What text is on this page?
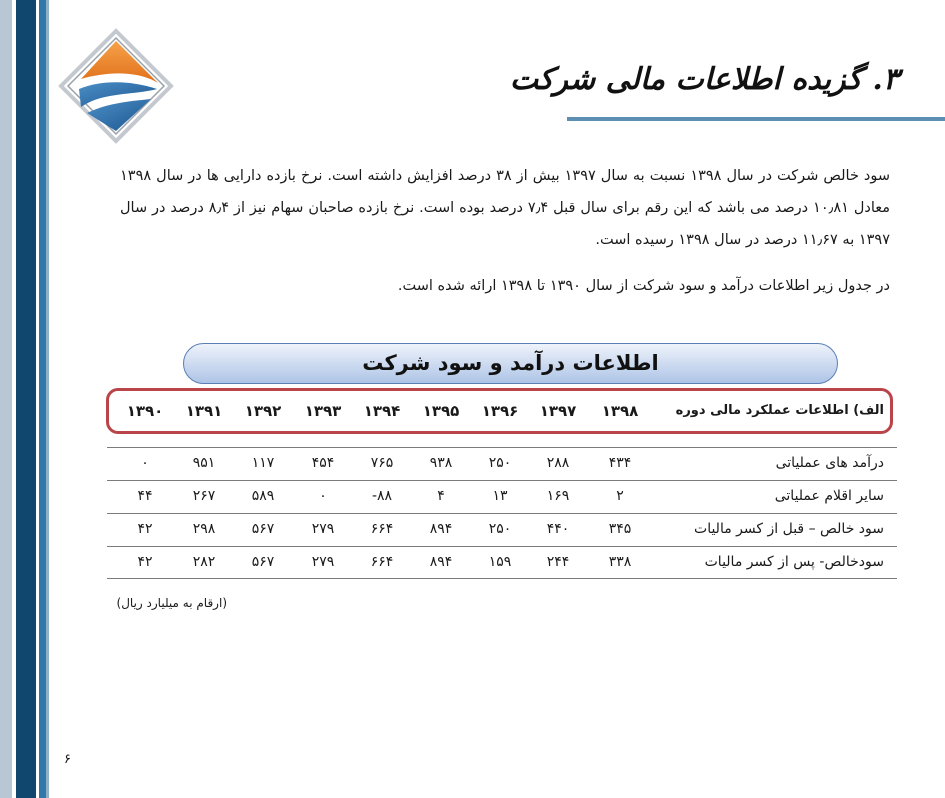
۳. گزیده اطلاعات مالی شرکت
سود خالص شرکت در سال ۱۳۹۸ نسبت به سال ۱۳۹۷ بیش از ۳۸ درصد افزایش داشته است. نرخ بازده دارایی ها در سال ۱۳۹۸ معادل ۱۰٫۸۱ درصد می باشد که این رقم برای سال قبل ۷٫۴ درصد بوده است. نرخ بازده صاحبان سهام نیز از ۸٫۴ درصد در سال ۱۳۹۷ به ۱۱٫۶۷ درصد در سال ۱۳۹۸ رسیده است.
در جدول زیر اطلاعات درآمد و سود شرکت از سال ۱۳۹۰ تا ۱۳۹۸ ارائه شده است.
اطلاعات درآمد و سود شرکت
الف) اطلاعات عملکرد مالی دوره
۱۳۹۸
۱۳۹۷
۱۳۹۶
۱۳۹۵
۱۳۹۴
۱۳۹۳
۱۳۹۲
۱۳۹۱
۱۳۹۰
درآمد های عملیاتی
۴۳۴
۲۸۸
۲۵۰
۹۳۸
۷۶۵
۴۵۴
۱۱۷
۹۵۱
۰
سایر اقلام عملیاتی
۲
۱۶۹
۱۳
۴
-۸۸
۰
۵۸۹
۲۶۷
۴۴
سود خالص – قبل از کسر مالیات
۳۴۵
۴۴۰
۲۵۰
۸۹۴
۶۶۴
۲۷۹
۵۶۷
۲۹۸
۴۲
سودخالص- پس از کسر مالیات
۳۳۸
۲۴۴
۱۵۹
۸۹۴
۶۶۴
۲۷۹
۵۶۷
۲۸۲
۴۲
(ارقام به میلیارد ریال)
۶
